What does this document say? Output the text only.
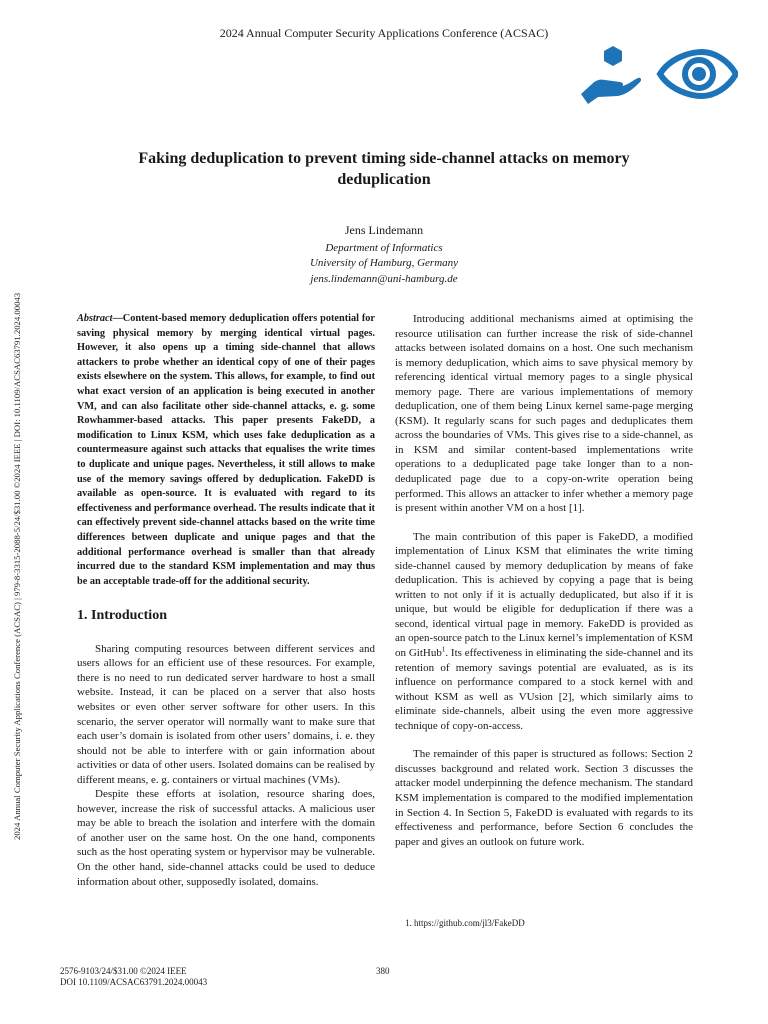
2024 Annual Computer Security Applications Conference (ACSAC)
Faking deduplication to prevent timing side-channel attacks on memory deduplication
Jens Lindemann
Department of Informatics
University of Hamburg, Germany
jens.lindemann@uni-hamburg.de
2024 Annual Computer Security Applications Conference (ACSAC) | 979-8-3315-2088-5/24/$31.00 ©2024 IEEE | DOI: 10.1109/ACSAC63791.2024.00043	Abstract—Content-based memory deduplication offers potential for saving physical memory by merging identical virtual pages. However, it also opens up a timing side-channel that allows attackers to probe whether an identical copy of one of their pages exists elsewhere on the system. This allows, for example, to find out what exact version of an application is being executed in another VM, and can also facilitate other side-channel attacks, e. g. some Rowhammer-based attacks. This paper presents FakeDD, a modification to Linux KSM, which uses fake deduplication as a countermeasure against such attacks that equalises the write times to duplicate and unique pages. Nevertheless, it still allows to make use of the memory savings offered by deduplication. FakeDD is available as open-source. It is evaluated with regard to its effectiveness and performance overhead. The results indicate that it can effectively prevent side-channel attacks based on the write time differences between duplicate and unique pages and that the additional performance overhead is smaller than that already incurred due to the standard KSM implementation and may thus be an acceptable trade-off for the additional security.

1. Introduction

Sharing computing resources between different services and users allows for an efficient use of these resources. For example, there is no need to run dedicated server hardware to host a small website. Instead, it can be placed on a server that also hosts websites or even other server software for other users. In this scenario, the server operator will normally want to make sure that each user’s domain is isolated from other users’ domains, i. e. they should not be able to interfere with or gain information about activities or data of other users. Isolated domains can be realised by different means, e. g. containers or virtual machines (VMs).

Despite these efforts at isolation, resource sharing does, however, increase the risk of successful attacks. A malicious user may be able to breach the isolation and interfere with the domain of another user on the same host. On the one hand, components such as the host operating system or hypervisor may be vulnerable. On the other hand, side-channel attacks could be used to deduce information about other, supposedly isolated, domains.

Introducing additional mechanisms aimed at optimising the resource utilisation can further increase the risk of side-channel attacks between isolated domains on a host. One such mechanism is memory deduplication, which aims to save physical memory by referencing identical virtual memory pages to a single physical memory page. There are various implementations of memory deduplication, one of them being Linux kernel same-page merging (KSM). It regularly scans for such pages and deduplicates them across the boundaries of VMs. This gives rise to a side-channel, as in KSM and similar content-based implementations write operations to a deduplicated page take longer than to a non-deduplicated page due to a copy-on-write operation being performed. This allows an attacker to infer whether a memory page is present within another VM on a host [1].

The main contribution of this paper is FakeDD, a modified implementation of Linux KSM that eliminates the write timing side-channel caused by memory deduplication by means of fake deduplication. This is achieved by copying a page that is being written to not only if it is actually deduplicated, but also if it is unique, but would be eligible for deduplication if there was a second, identical virtual page in memory. FakeDD is provided as an open-source patch to the Linux kernel’s implementation of KSM on GitHub$^1$. Its effectiveness in eliminating the side-channel and its retention of memory savings potential are evaluated, as is its influence on performance compared to a stock kernel with and without KSM as well as VUsion [2], which similarly aims to eliminate side-channels, albeit using the even more aggressive technique of copy-on-access.

The remainder of this paper is structured as follows: Section 2 discusses background and related work. Section 3 discusses the attacker model underpinning the defence mechanism. The standard KSM implementation is compared to the modified implementation in Section 4. In Section 5, FakeDD is evaluated with regards to its effectiveness and performance, before Section 6 concludes the paper and gives an outlook on future work.

1. https://github.com/jl3/FakeDD
2576-9103/24/$31.00 ©2024 IEEE
DOI 10.1109/ACSAC63791.2024.00043
380
